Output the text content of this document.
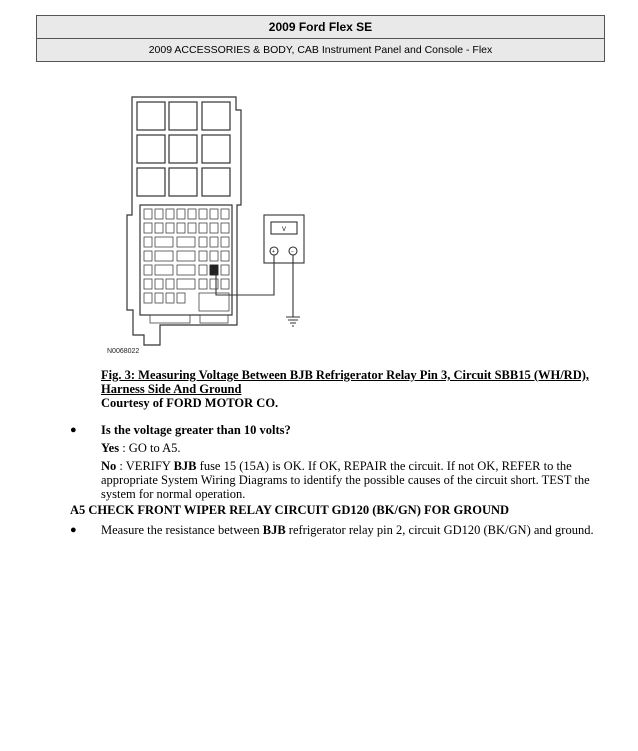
2009 Ford Flex SE
2009 ACCESSORIES & BODY, CAB Instrument Panel and Console - Flex
V
+	−
N0068022
Fig. 3: Measuring Voltage Between BJB Refrigerator Relay Pin 3, Circuit SBB15 (WH/RD),
Harness Side And Ground
Courtesy of FORD MOTOR CO.
● Is the voltage greater than 10 volts?
Yes : GO to A5.
No : VERIFY BJB fuse 15 (15A) is OK. If OK, REPAIR the circuit. If not OK, REFER to the
appropriate System Wiring Diagrams to identify the possible causes of the circuit short. TEST the
system for normal operation.
A5 CHECK FRONT WIPER RELAY CIRCUIT GD120 (BK/GN) FOR GROUND
● Measure the resistance between BJB refrigerator relay pin 2, circuit GD120 (BK/GN) and ground.
